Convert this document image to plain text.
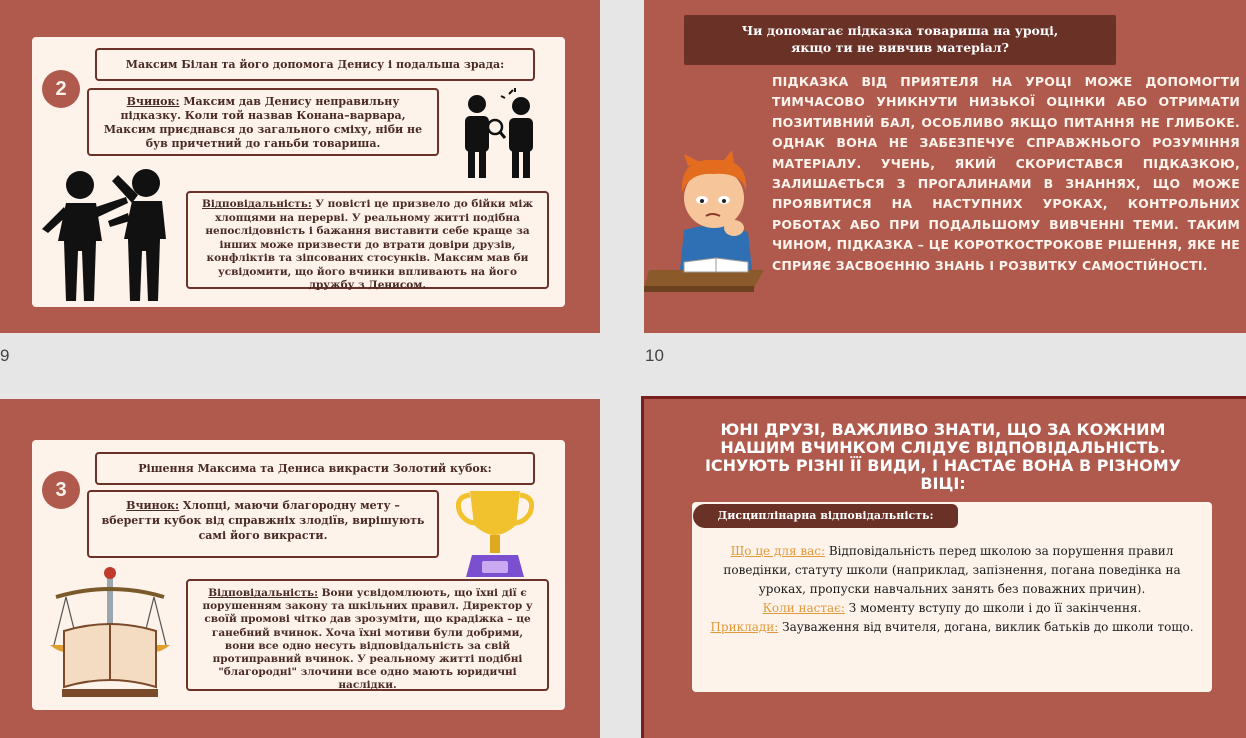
Максим Білан та його допомога Денису і подальша зрада:
2
Вчинок: Максим дав Денису неправильну підказку. Коли той назвав Конана–варвара, Максим приєднався до загального сміху, ніби не був причетний до ганьби товариша.
Відповідальність: У повісті це призвело до бійки між хлопцями на перерві. У реальному житті подібна непослідовність і бажання виставити себе краще за інших може призвести до втрати довіри друзів, конфліктів та зіпсованих стосунків. Максим мав би усвідомити, що його вчинки впливають на його дружбу з Денисом.
9
Чи допомагає підказка товариша на уроці, якщо ти не вивчив матеріал?
ПІДКАЗКА ВІД ПРИЯТЕЛЯ НА УРОЦІ МОЖЕ ДОПОМОГТИ ТИМЧАСОВО УНИКНУТИ НИЗЬКОЇ ОЦІНКИ АБО ОТРИМАТИ ПОЗИТИВНИЙ БАЛ, ОСОБЛИВО ЯКЩО ПИТАННЯ НЕ ГЛИБОКЕ. ОДНАК ВОНА НЕ ЗАБЕЗПЕЧУЄ СПРАВЖНЬОГО РОЗУМІННЯ МАТЕРІАЛУ. УЧЕНЬ, ЯКИЙ СКОРИСТАВСЯ ПІДКАЗКОЮ, ЗАЛИШАЄТЬСЯ З ПРОГАЛИНАМИ В ЗНАННЯХ, ЩО МОЖЕ ПРОЯВИТИСЯ НА НАСТУПНИХ УРОКАХ, КОНТРОЛЬНИХ РОБОТАХ АБО ПРИ ПОДАЛЬШОМУ ВИВЧЕННІ ТЕМИ. ТАКИМ ЧИНОМ, ПІДКАЗКА – ЦЕ КОРОТКОСТРОКОВЕ РІШЕННЯ, ЯКЕ НЕ СПРИЯЄ ЗАСВОЄННЮ ЗНАНЬ І РОЗВИТКУ САМОСТІЙНОСТІ.
10
Рішення Максима та Дениса викрасти Золотий кубок:
3
Вчинок: Хлопці, маючи благородну мету – вберегти кубок від справжніх злодіїв, вирішують самі його викрасти.
Відповідальність: Вони усвідомлюють, що їхні дії є порушенням закону та шкільних правил. Директор у своїй промові чітко дав зрозуміти, що крадіжка – це ганебний вчинок. Хоча їхні мотиви були добрими, вони все одно несуть відповідальність за свій протиправний вчинок. У реальному житті подібні "благородні" злочини все одно мають юридичні наслідки.
ЮНІ ДРУЗІ, ВАЖЛИВО ЗНАТИ, ЩО ЗА КОЖНИМ НАШИМ ВЧИНКОМ СЛІДУЄ ВІДПОВІДАЛЬНІСТЬ. ІСНУЮТЬ РІЗНІ ЇЇ ВИДИ, І НАСТАЄ ВОНА В РІЗНОМУ ВІЦІ:
Дисциплінарна відповідальність:
Що це для вас: Відповідальність перед школою за порушення правил поведінки, статуту школи (наприклад, запізнення, погана поведінка на уроках, пропуски навчальних занять без поважних причин).
Коли настає: З моменту вступу до школи і до її закінчення.
Приклади: Зауваження від вчителя, догана, виклик батьків до школи тощо.
